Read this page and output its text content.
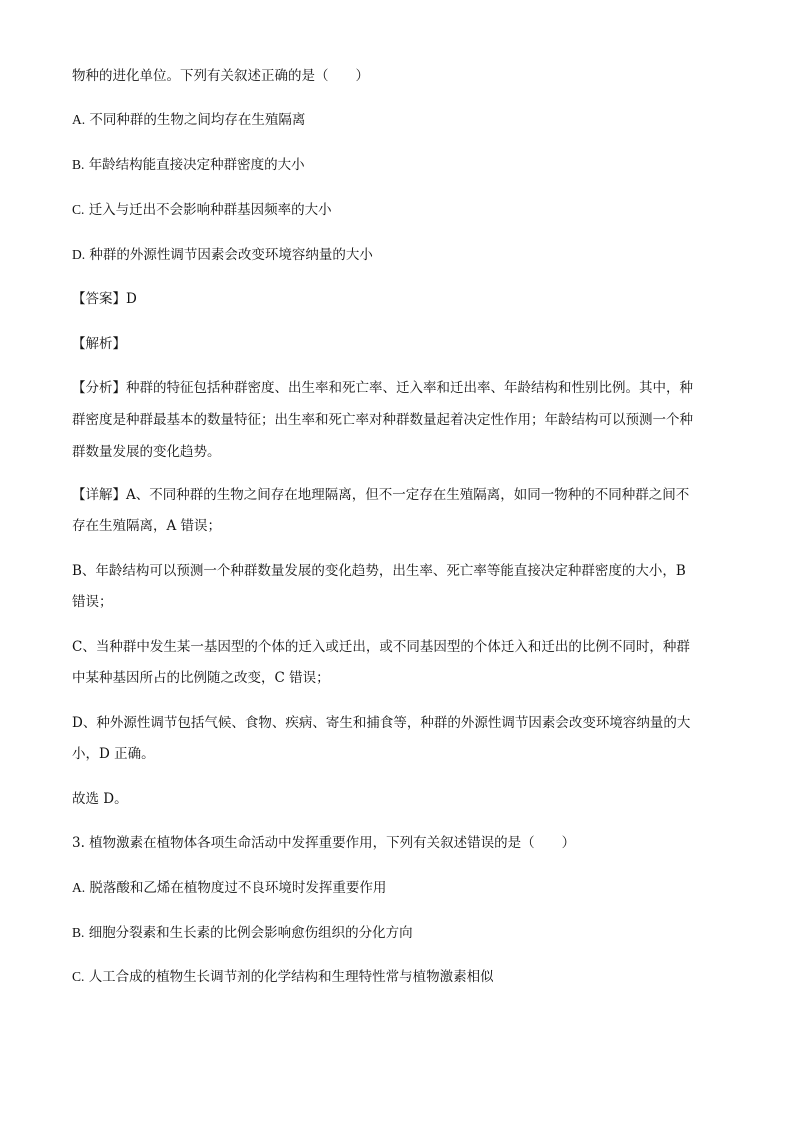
物种的进化单位。下列有关叙述正确的是（　　）
A. 不同种群的生物之间均存在生殖隔离
B. 年龄结构能直接决定种群密度的大小
C. 迁入与迁出不会影响种群基因频率的大小
D. 种群的外源性调节因素会改变环境容纳量的大小
【答案】D
【解析】
【分析】种群的特征包括种群密度、出生率和死亡率、迁入率和迁出率、年龄结构和性别比例。其中，种
群密度是种群最基本的数量特征；出生率和死亡率对种群数量起着决定性作用；年龄结构可以预测一个种
群数量发展的变化趋势。
【详解】A、不同种群的生物之间存在地理隔离，但不一定存在生殖隔离，如同一物种的不同种群之间不
存在生殖隔离，A 错误；
B、年龄结构可以预测一个种群数量发展的变化趋势，出生率、死亡率等能直接决定种群密度的大小，B
错误；
C、当种群中发生某一基因型的个体的迁入或迁出，或不同基因型的个体迁入和迁出的比例不同时，种群
中某种基因所占的比例随之改变，C 错误；
D、种外源性调节包括气候、食物、疾病、寄生和捕食等，种群的外源性调节因素会改变环境容纳量的大
小，D 正确。
故选 D。
3. 植物激素在植物体各项生命活动中发挥重要作用，下列有关叙述错误的是（　　）
A. 脱落酸和乙烯在植物度过不良环境时发挥重要作用
B. 细胞分裂素和生长素的比例会影响愈伤组织的分化方向
C. 人工合成的植物生长调节剂的化学结构和生理特性常与植物激素相似
